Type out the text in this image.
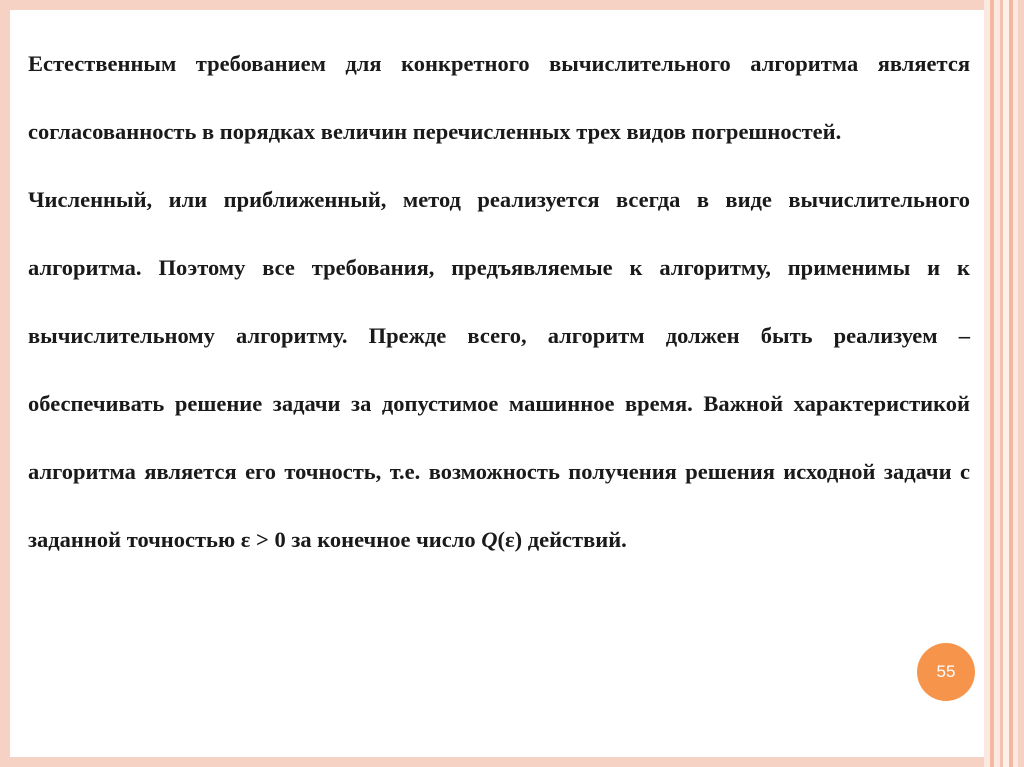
Естественным требованием для конкретного вычислительного алгоритма является согласованность в порядках величин перечисленных трех видов погрешностей.

Численный, или приближенный, метод реализуется всегда в виде вычислительного алгоритма. Поэтому все требования, предъявляемые к алгоритму, применимы и к вычислительному алгоритму. Прежде всего, алгоритм должен быть реализуем – обеспечивать решение задачи за допустимое машинное время. Важной характеристикой алгоритма является его точность, т.е. возможность получения решения исходной задачи с заданной точностью ε > 0 за конечное число Q(ε) действий.

55
